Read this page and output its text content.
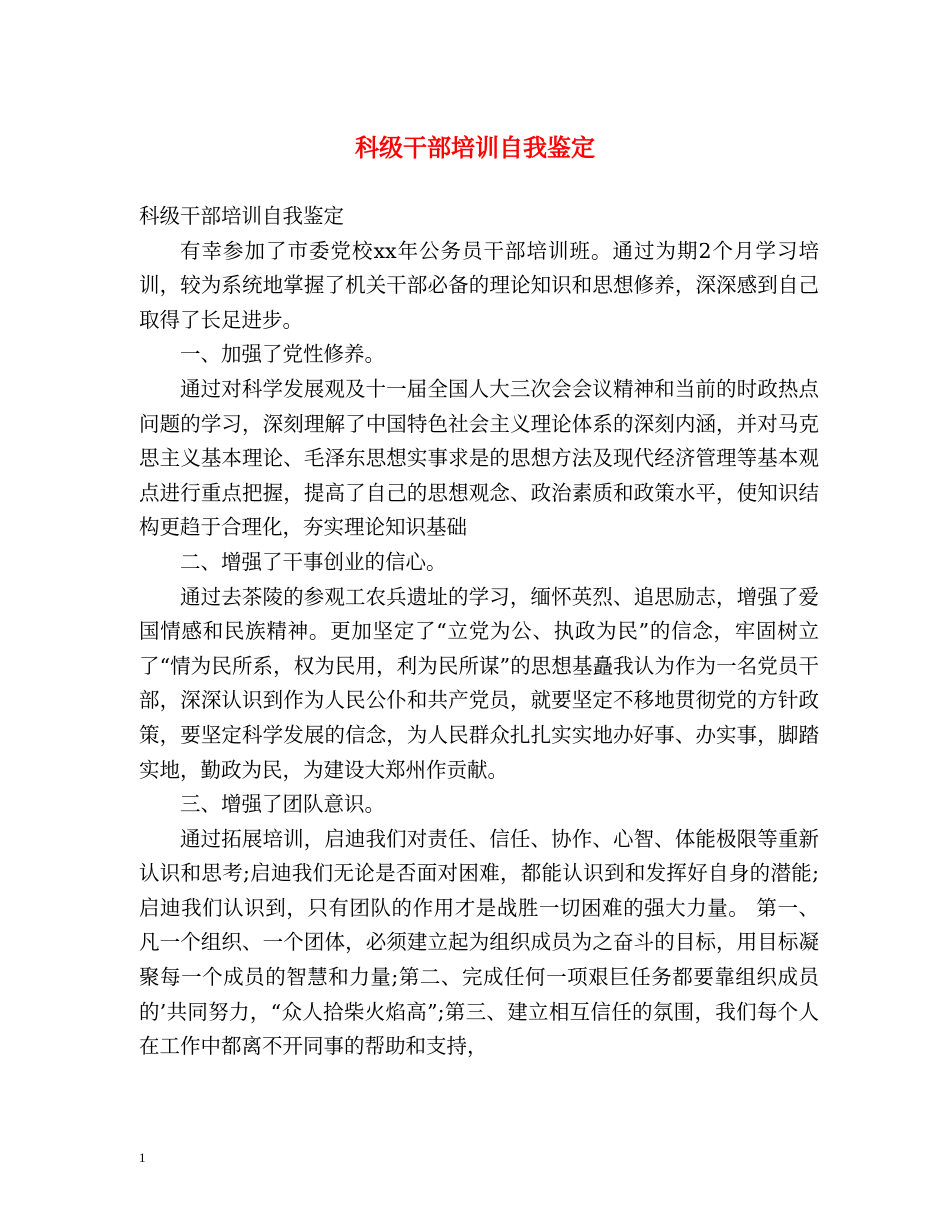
科级干部培训自我鉴定

科级干部培训自我鉴定

有幸参加了市委党校xx年公务员干部培训班。通过为期2个月学习培训，较为系统地掌握了机关干部必备的理论知识和思想修养，深深感到自己取得了长足进步。

一、加强了党性修养。

通过对科学发展观及十一届全国人大三次会会议精神和当前的时政热点问题的学习，深刻理解了中国特色社会主义理论体系的深刻内涵，并对马克思主义基本理论、毛泽东思想实事求是的思想方法及现代经济管理等基本观点进行重点把握，提高了自己的思想观念、政治素质和政策水平，使知识结构更趋于合理化，夯实理论知识基础

二、增强了干事创业的信心。

通过去茶陵的参观工农兵遗址的学习，缅怀英烈、追思励志，增强了爱国情感和民族精神。更加坚定了“立党为公、执政为民”的信念，牢固树立了“情为民所系，权为民用，利为民所谋”的思想基矗我认为作为一名党员干部，深深认识到作为人民公仆和共产党员，就要坚定不移地贯彻党的方针政策，要坚定科学发展的信念，为人民群众扎扎实实地办好事、办实事，脚踏实地，勤政为民，为建设大郑州作贡献。

三、增强了团队意识。

通过拓展培训，启迪我们对责任、信任、协作、心智、体能极限等重新认识和思考;启迪我们无论是否面对困难，都能认识到和发挥好自身的潜能;启迪我们认识到，只有团队的作用才是战胜一切困难的强大力量。 第一、凡一个组织、一个团体，必须建立起为组织成员为之奋斗的目标，用目标凝聚每一个成员的智慧和力量;第二、完成任何一项艰巨任务都要靠组织成员的’共同努力，“众人拾柴火焰高”;第三、建立相互信任的氛围，我们每个人在工作中都离不开同事的帮助和支持，

1
